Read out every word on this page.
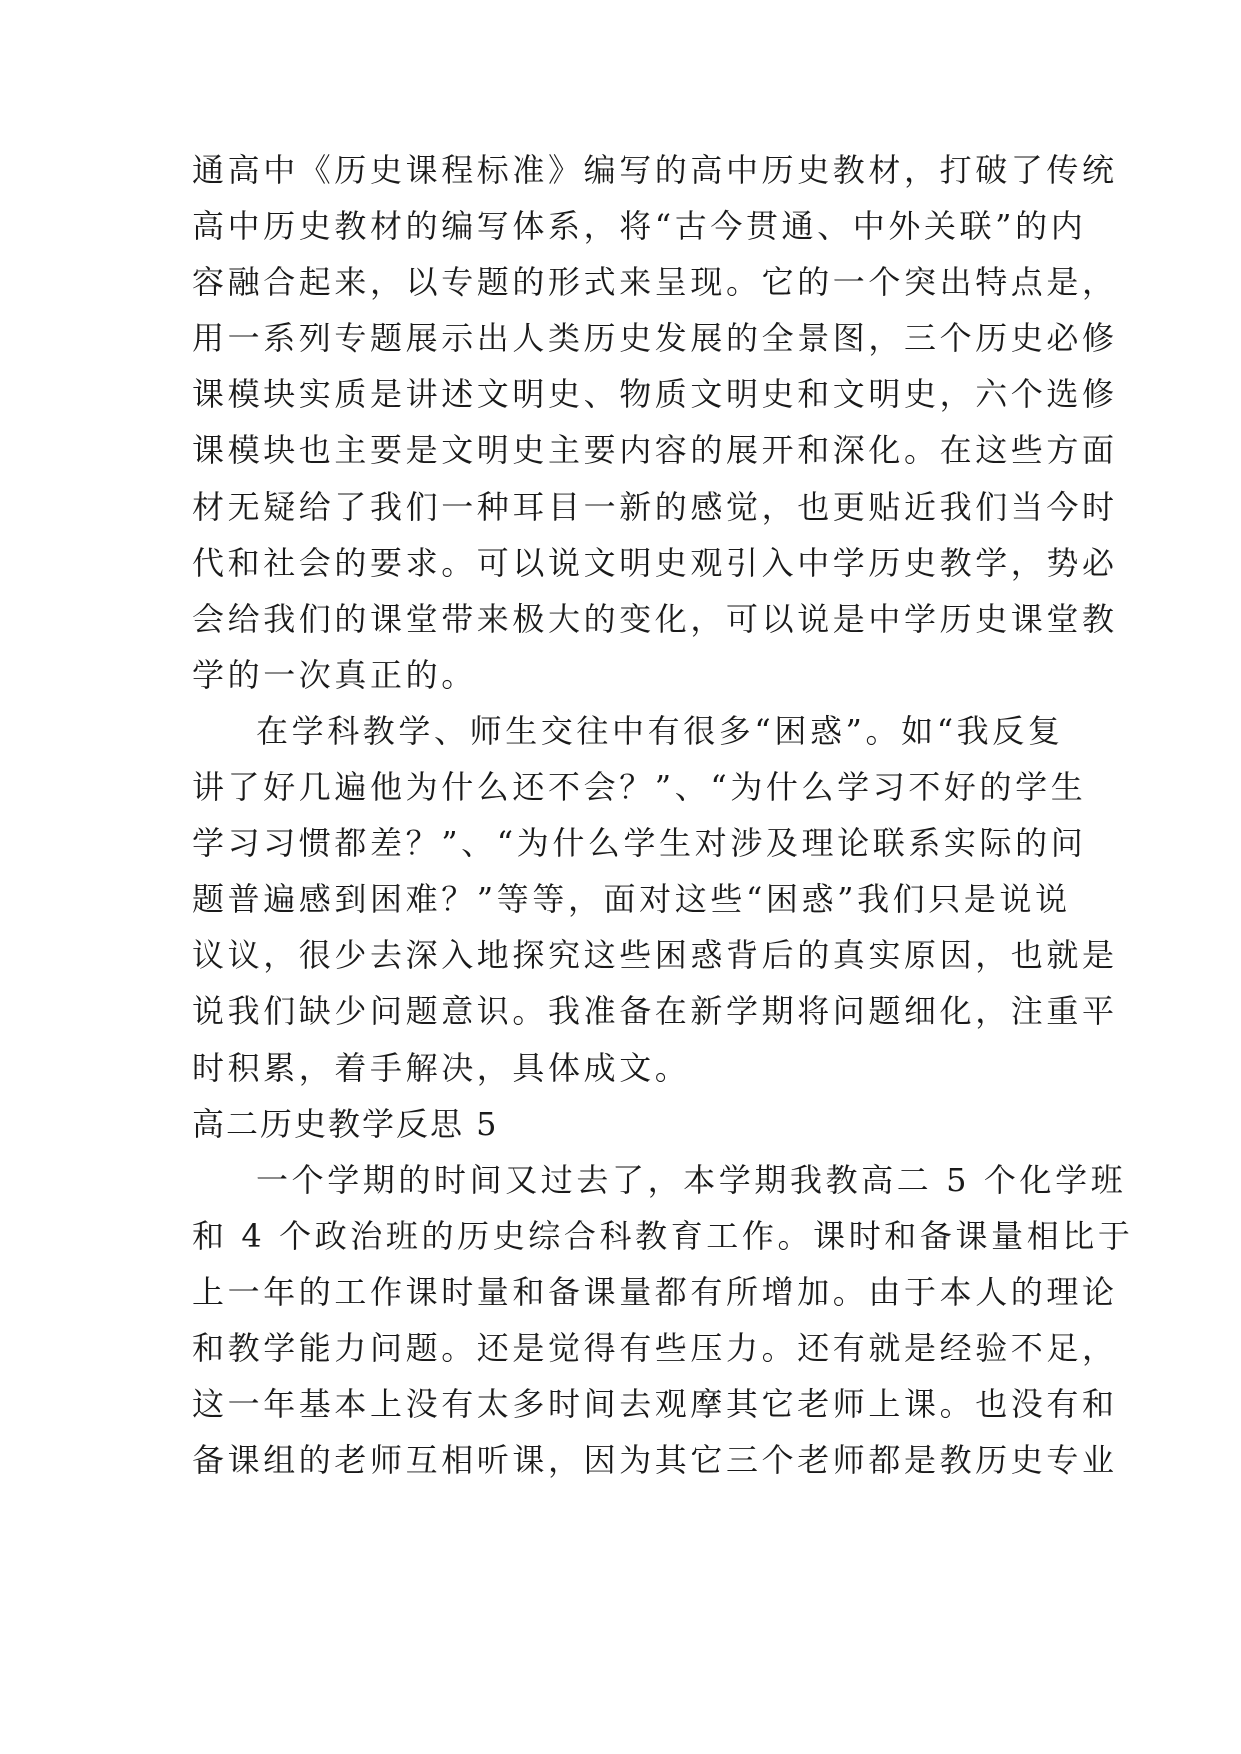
通高中《历史课程标准》编写的高中历史教材，打破了传统
高中历史教材的编写体系，将“古今贯通、中外关联”的内
容融合起来，以专题的形式来呈现。它的一个突出特点是，
用一系列专题展示出人类历史发展的全景图，三个历史必修
课模块实质是讲述文明史、物质文明史和文明史，六个选修
课模块也主要是文明史主要内容的展开和深化。在这些方面
材无疑给了我们一种耳目一新的感觉，也更贴近我们当今时
代和社会的要求。可以说文明史观引入中学历史教学，势必
会给我们的课堂带来极大的变化，可以说是中学历史课堂教
学的一次真正的。
在学科教学、师生交往中有很多“困惑”。如“我反复
讲了好几遍他为什么还不会？”、“为什么学习不好的学生
学习习惯都差？”、“为什么学生对涉及理论联系实际的问
题普遍感到困难？”等等，面对这些“困惑”我们只是说说
议议，很少去深入地探究这些困惑背后的真实原因，也就是
说我们缺少问题意识。我准备在新学期将问题细化，注重平
时积累，着手解决，具体成文。
高二历史教学反思 5
一个学期的时间又过去了，本学期我教高二 5 个化学班
和 4 个政治班的历史综合科教育工作。课时和备课量相比于
上一年的工作课时量和备课量都有所增加。由于本人的理论
和教学能力问题。还是觉得有些压力。还有就是经验不足，
这一年基本上没有太多时间去观摩其它老师上课。也没有和
备课组的老师互相听课，因为其它三个老师都是教历史专业
